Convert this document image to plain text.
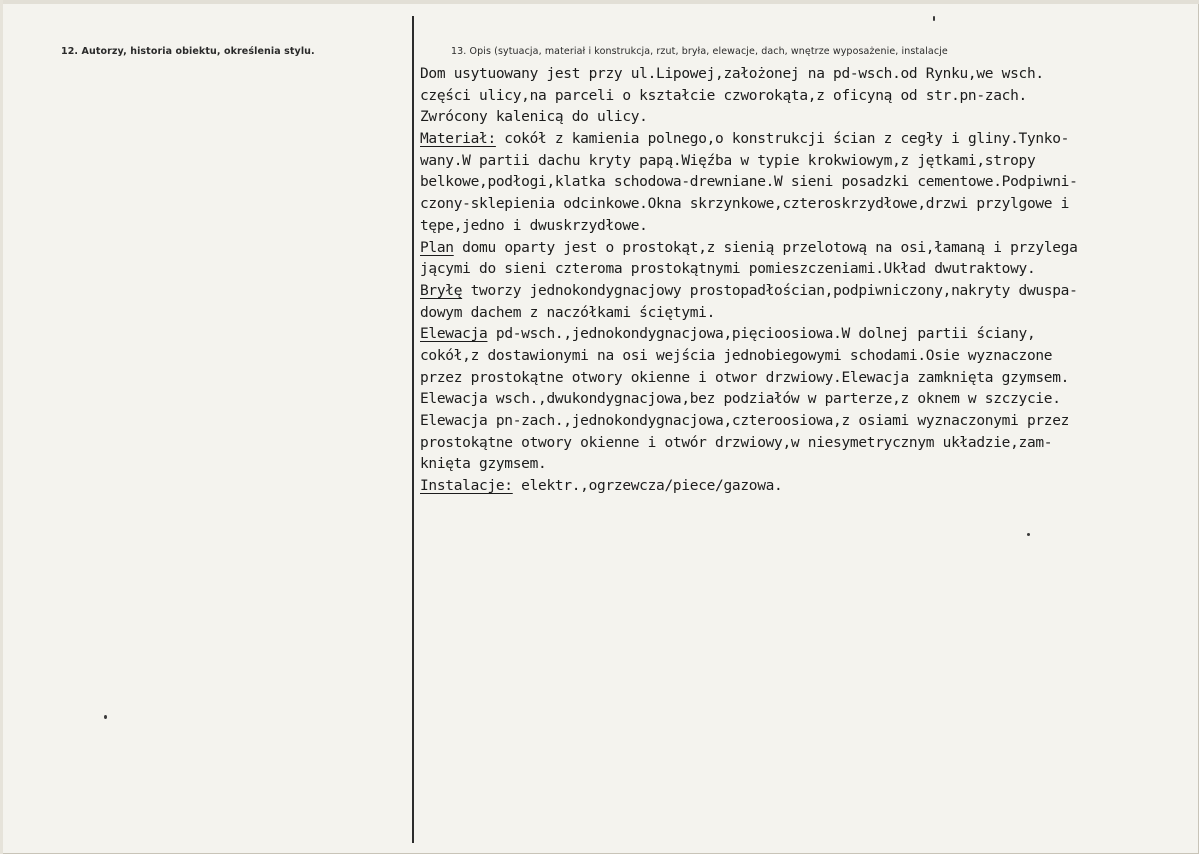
12. Autorzy, historia obiektu, określenia stylu.	13. Opis (sytuacja, materiał i konstrukcja, rzut, bryła, elewacje, dach, wnętrze wyposażenie, instalacje
Dom usytuowany jest przy ul.Lipowej,założonej na pd-wsch.od Rynku,we wsch.
części ulicy,na parceli o kształcie czworokąta,z oficyną od str.pn-zach.
Zwrócony kalenicą do ulicy.
Materiał: cokół z kamienia polnego,o konstrukcji ścian z cegły i gliny.Tynko-
wany.W partii dachu kryty papą.Więźba w typie krokwiowym,z jętkami,stropy
belkowe,podłogi,klatka schodowa-drewniane.W sieni posadzki cementowe.Podpiwni-
czony-sklepienia odcinkowe.Okna skrzynkowe,czteroskrzydłowe,drzwi przylgowe i
tępe,jedno i dwuskrzydłowe.
Plan domu oparty jest o prostokąt,z sienią przelotową na osi,łamaną i przylega
jącymi do sieni czteroma prostokątnymi pomieszczeniami.Układ dwutraktowy.
Bryłę tworzy jednokondygnacjowy prostopadłościan,podpiwniczony,nakryty dwuspa-
dowym dachem z naczółkami ściętymi.
Elewacja pd-wsch.,jednokondygnacjowa,pięcioosiowa.W dolnej partii ściany,
cokół,z dostawionymi na osi wejścia jednobiegowymi schodami.Osie wyznaczone
przez prostokątne otwory okienne i otwor drzwiowy.Elewacja zamknięta gzymsem.
Elewacja wsch.,dwukondygnacjowa,bez podziałów w parterze,z oknem w szczycie.
Elewacja pn-zach.,jednokondygnacjowa,czteroosiowa,z osiami wyznaczonymi przez
prostokątne otwory okienne i otwór drzwiowy,w niesymetrycznym układzie,zam-
knięta gzymsem.
Instalacje: elektr.,ogrzewcza/piece/gazowa.
